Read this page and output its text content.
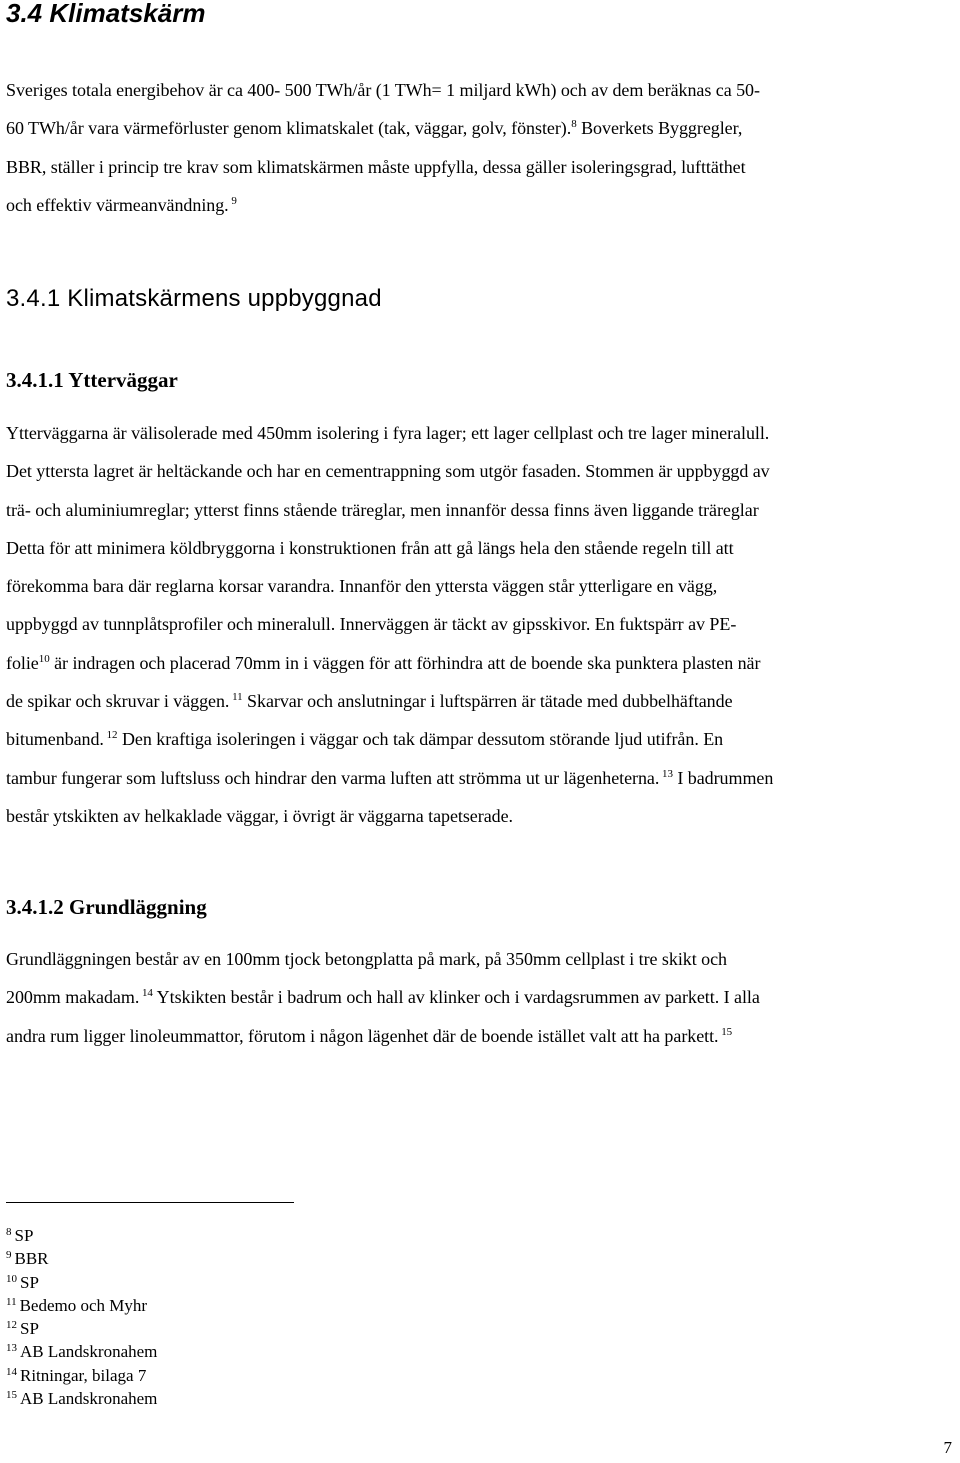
3.4 Klimatskärm
Sveriges totala energibehov är ca 400- 500 TWh/år (1 TWh= 1 miljard kWh) och av dem beräknas ca 50-
60 TWh/år vara värmeförluster genom klimatskalet (tak, väggar, golv, fönster).$^8$ Boverkets Byggregler,
BBR, ställer i princip tre krav som klimatskärmen måste uppfylla, dessa gäller isoleringsgrad, lufttäthet
och effektiv värmeanvändning. $^9$
3.4.1 Klimatskärmens uppbyggnad
3.4.1.1 Ytterväggar
Ytterväggarna är välisolerade med 450mm isolering i fyra lager; ett lager cellplast och tre lager mineralull.
Det yttersta lagret är heltäckande och har en cementrappning som utgör fasaden. Stommen är uppbyggd av
trä- och aluminiumreglar; ytterst finns stående träreglar, men innanför dessa finns även liggande träreglar
Detta för att minimera köldbryggorna i konstruktionen från att gå längs hela den stående regeln till att
förekomma bara där reglarna korsar varandra. Innanför den yttersta väggen står ytterligare en vägg,
uppbyggd av tunnplåtsprofiler och mineralull. Innerväggen är täckt av gipsskivor. En fuktspärr av PE-
folie$^{10}$ är indragen och placerad 70mm in i väggen för att förhindra att de boende ska punktera plasten när
de spikar och skruvar i väggen. $^{11}$ Skarvar och anslutningar i luftspärren är tätade med dubbelhäftande
bitumenband. $^{12}$ Den kraftiga isoleringen i väggar och tak dämpar dessutom störande ljud utifrån. En
tambur fungerar som luftsluss och hindrar den varma luften att strömma ut ur lägenheterna. $^{13}$ I badrummen
består ytskikten av helkaklade väggar, i övrigt är väggarna tapetserade.
3.4.1.2 Grundläggning
Grundläggningen består av en 100mm tjock betongplatta på mark, på 350mm cellplast i tre skikt och
200mm makadam. $^{14}$ Ytskikten består i badrum och hall av klinker och i vardagsrummen av parkett. I alla
andra rum ligger linoleummattor, förutom i någon lägenhet där de boende istället valt att ha parkett. $^{15}$
$^8$ SP
$^9$ BBR
$^{10}$ SP
$^{11}$ Bedemo och Myhr
$^{12}$ SP
$^{13}$ AB Landskronahem
$^{14}$ Ritningar, bilaga 7
$^{15}$ AB Landskronahem
7
